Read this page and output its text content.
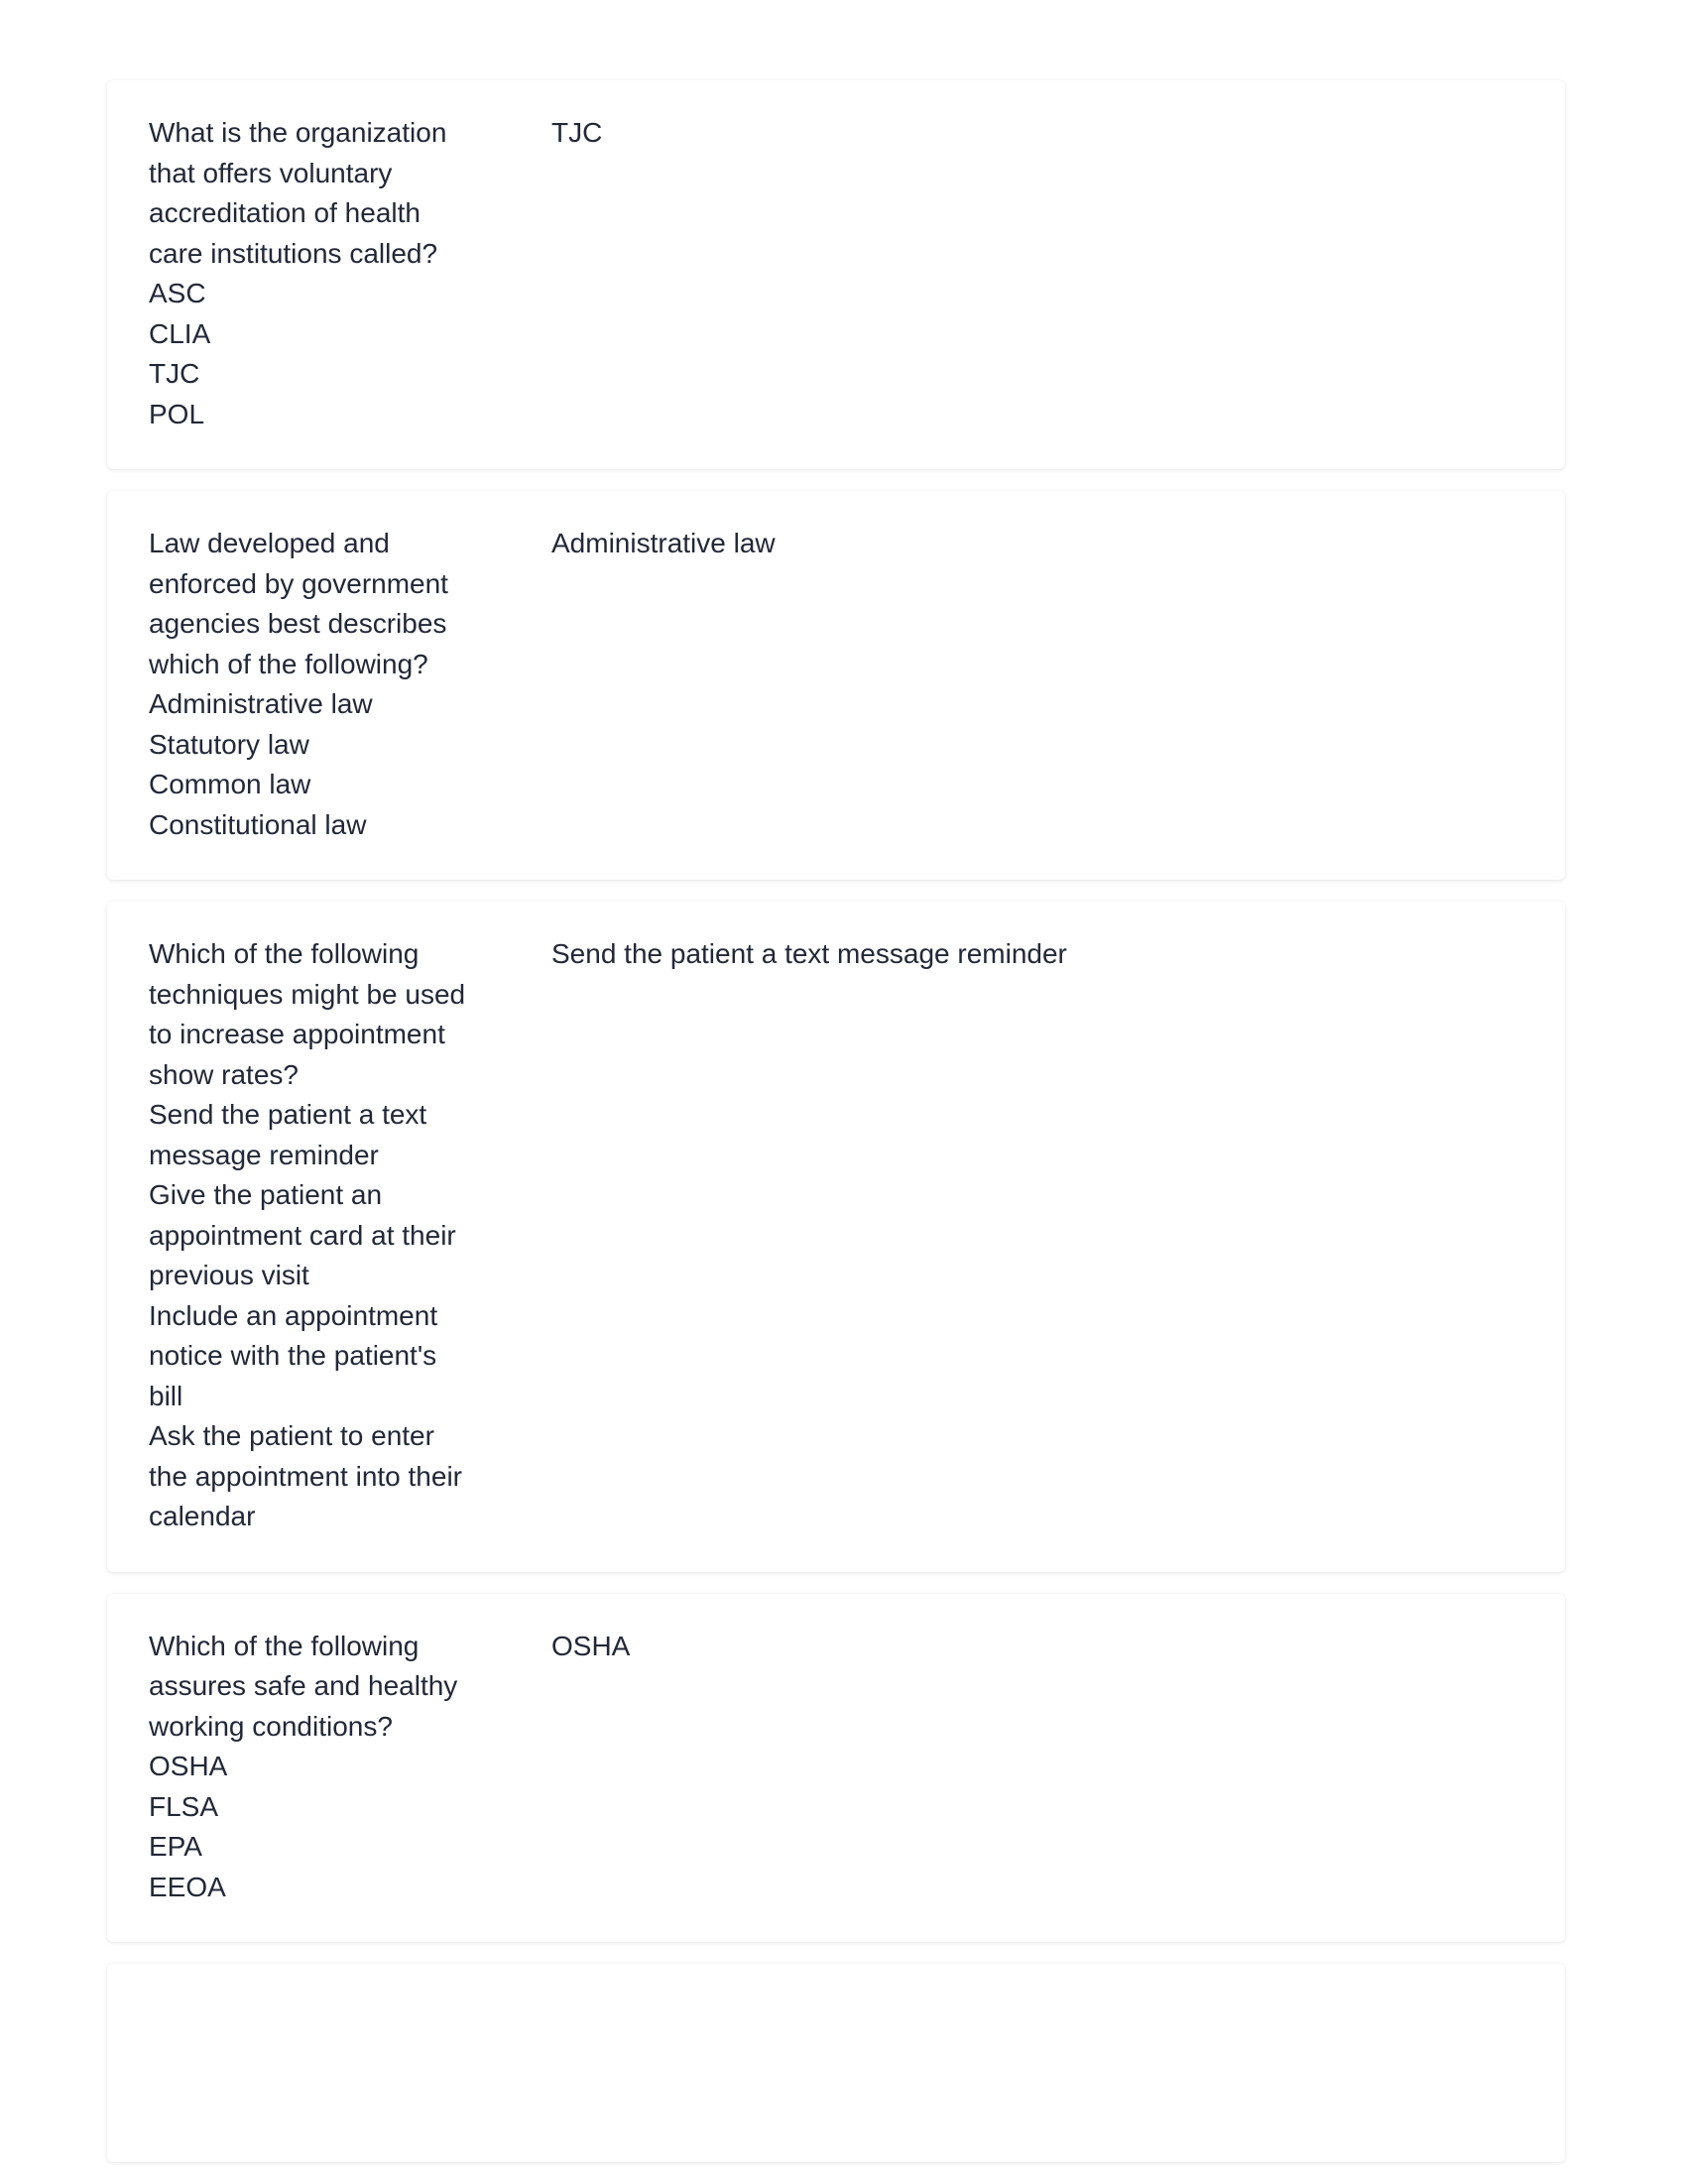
What is the organization that offers voluntary accreditation of health care institutions called?
ASC
CLIA
TJC
POL
TJC
Law developed and enforced by government agencies best describes which of the following?
Administrative law
Statutory law
Common law
Constitutional law
Administrative law
Which of the following techniques might be used to increase appointment show rates?
Send the patient a text message reminder
Give the patient an appointment card at their previous visit
Include an appointment notice with the patient's bill
Ask the patient to enter the appointment into their calendar
Send the patient a text message reminder
Which of the following assures safe and healthy working conditions?
OSHA
FLSA
EPA
EEOA
OSHA
